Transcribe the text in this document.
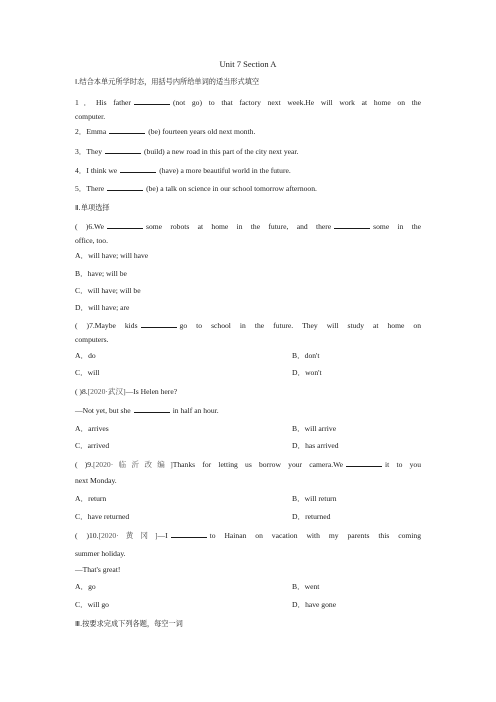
Unit 7 Section A
Ⅰ.结合本单元所学时态，用括号内所给单词的适当形式填空
1．His father	(not go) to that factory next week.He will work at home on the
computer.
2．Emma	(be) fourteen years old next month.
3．They	(build) a new road in this part of the city next year.
4．I think we	(have) a more beautiful world in the future.
5．There	(be) a talk on science in our school tomorrow afternoon.
Ⅱ.单项选择
( )6.We	some robots at home in the future, and there	some in the
office, too.
A．will have; will have
B．have; will be
C．will have; will be
D．will have; are
( )7.Maybe kids	go to school in the future. They will study at home on
computers.
A．do	B．don't
C．will	D．won't
( )8.[2020·武汉]—Is Helen here?
—Not yet, but she	in half an hour.
A．arrives	B．will arrive
C．arrived	D．has arrived
( )9.[2020·临沂改编]Thanks for letting us borrow your camera.We	it to you
next Monday.
A．return	B．will return
C．have returned	D．returned
( )10.[2020·黄冈]—I	to Hainan on vacation with my parents this coming
summer holiday.
—That's great!
A．go	B．went
C．will go	D．have gone
Ⅲ.按要求完成下列各题，每空一词
